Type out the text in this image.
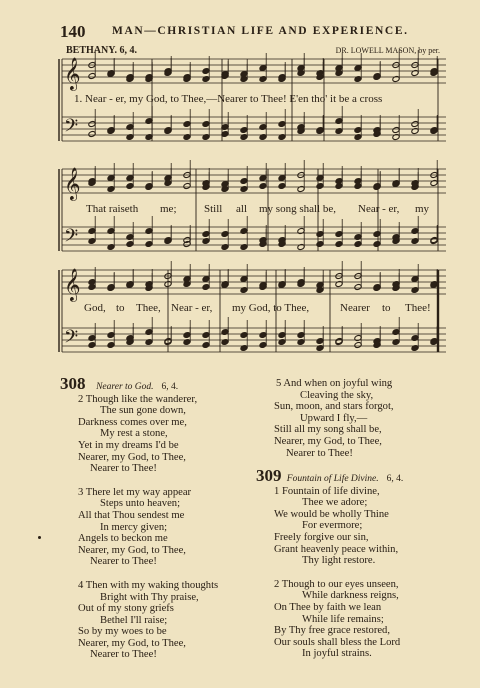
140 MAN—CHRISTIAN LIFE AND EXPERIENCE.
BETHANY. 6, 4.	DR. LOWELL MASON, by per.
𝄞
𝄢
𝄞
𝄢
𝄞
𝄢
1. Near - er, my God, to Thee,—Nearer to Thee! E'en tho' it be a cross
That raiseth me;	Still all my song shall be, Near - er, my
God, to Thee, Near - er, my God, to Thee,	Nearer to Thee!
308 Nearer to God. 6, 4.
2 Though like the wanderer,
The sun gone down,
Darkness comes over me,
My rest a stone,
Yet in my dreams I'd be
Nearer, my God, to Thee,
Nearer to Thee!
3 There let my way appear
Steps unto heaven;
All that Thou sendest me
In mercy given;
Angels to beckon me
Nearer, my God, to Thee,
Nearer to Thee!
4 Then with my waking thoughts
Bright with Thy praise,
Out of my stony griefs
Bethel I'll raise;
So by my woes to be
Nearer, my God, to Thee,
Nearer to Thee!
5 And when on joyful wing
Cleaving the sky,
Sun, moon, and stars forgot,
Upward I fly,—
Still all my song shall be,
Nearer, my God, to Thee,
Nearer to Thee!
309 Fountain of Life Divine. 6, 4.
1 Fountain of life divine,
Thee we adore;
We would be wholly Thine
For evermore;
Freely forgive our sin,
Grant heavenly peace within,
Thy light restore.
2 Though to our eyes unseen,
While darkness reigns,
On Thee by faith we lean
While life remains;
By Thy free grace restored,
Our souls shall bless the Lord
In joyful strains.
